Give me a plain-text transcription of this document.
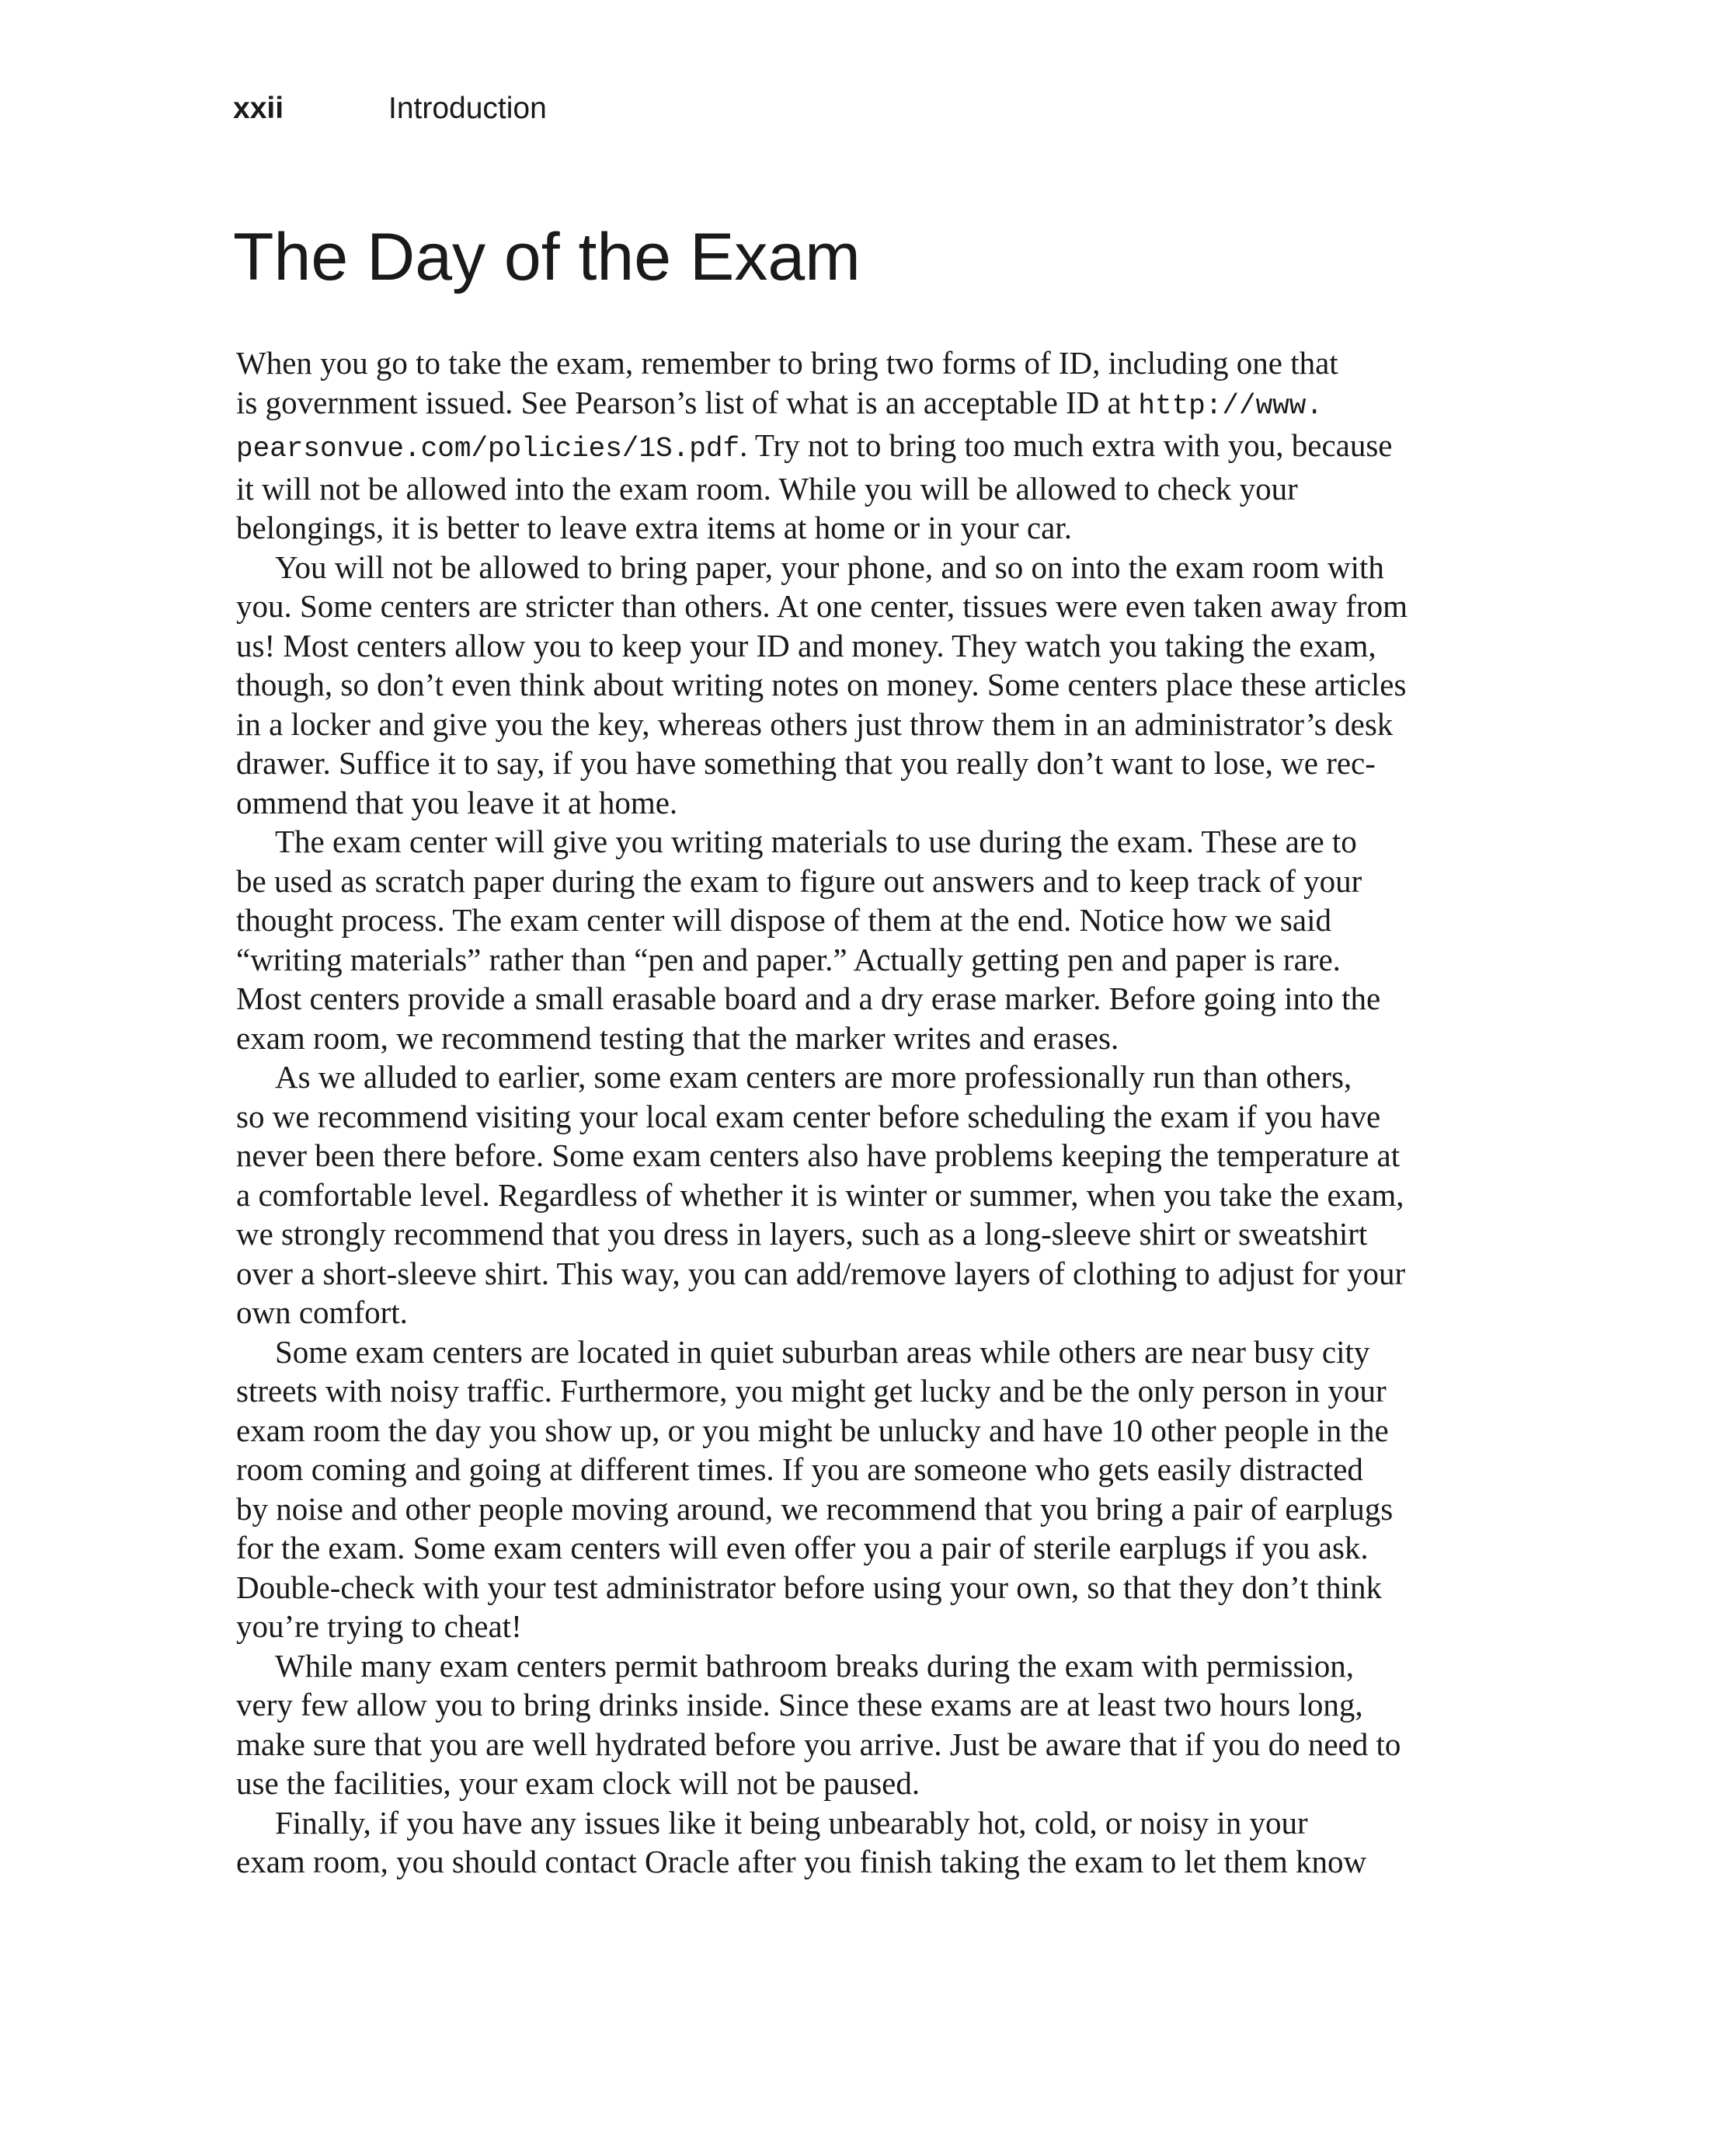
xxii	Introduction
The Day of the Exam
When you go to take the exam, remember to bring two forms of ID, including one that
is government issued. See Pearson’s list of what is an acceptable ID at http://www.
pearsonvue.com/policies/1S.pdf. Try not to bring too much extra with you, because
it will not be allowed into the exam room. While you will be allowed to check your
belongings, it is better to leave extra items at home or in your car.
You will not be allowed to bring paper, your phone, and so on into the exam room with
you. Some centers are stricter than others. At one center, tissues were even taken away from
us! Most centers allow you to keep your ID and money. They watch you taking the exam,
though, so don’t even think about writing notes on money. Some centers place these articles
in a locker and give you the key, whereas others just throw them in an administrator’s desk
drawer. Suffice it to say, if you have something that you really don’t want to lose, we rec-
ommend that you leave it at home.
The exam center will give you writing materials to use during the exam. These are to
be used as scratch paper during the exam to figure out answers and to keep track of your
thought process. The exam center will dispose of them at the end. Notice how we said
“writing materials” rather than “pen and paper.” Actually getting pen and paper is rare.
Most centers provide a small erasable board and a dry erase marker. Before going into the
exam room, we recommend testing that the marker writes and erases.
As we alluded to earlier, some exam centers are more professionally run than others,
so we recommend visiting your local exam center before scheduling the exam if you have
never been there before. Some exam centers also have problems keeping the temperature at
a comfortable level. Regardless of whether it is winter or summer, when you take the exam,
we strongly recommend that you dress in layers, such as a long-sleeve shirt or sweatshirt
over a short-sleeve shirt. This way, you can add/remove layers of clothing to adjust for your
own comfort.
Some exam centers are located in quiet suburban areas while others are near busy city
streets with noisy traffic. Furthermore, you might get lucky and be the only person in your
exam room the day you show up, or you might be unlucky and have 10 other people in the
room coming and going at different times. If you are someone who gets easily distracted
by noise and other people moving around, we recommend that you bring a pair of earplugs
for the exam. Some exam centers will even offer you a pair of sterile earplugs if you ask.
Double-check with your test administrator before using your own, so that they don’t think
you’re trying to cheat!
While many exam centers permit bathroom breaks during the exam with permission,
very few allow you to bring drinks inside. Since these exams are at least two hours long,
make sure that you are well hydrated before you arrive. Just be aware that if you do need to
use the facilities, your exam clock will not be paused.
Finally, if you have any issues like it being unbearably hot, cold, or noisy in your
exam room, you should contact Oracle after you finish taking the exam to let them know
